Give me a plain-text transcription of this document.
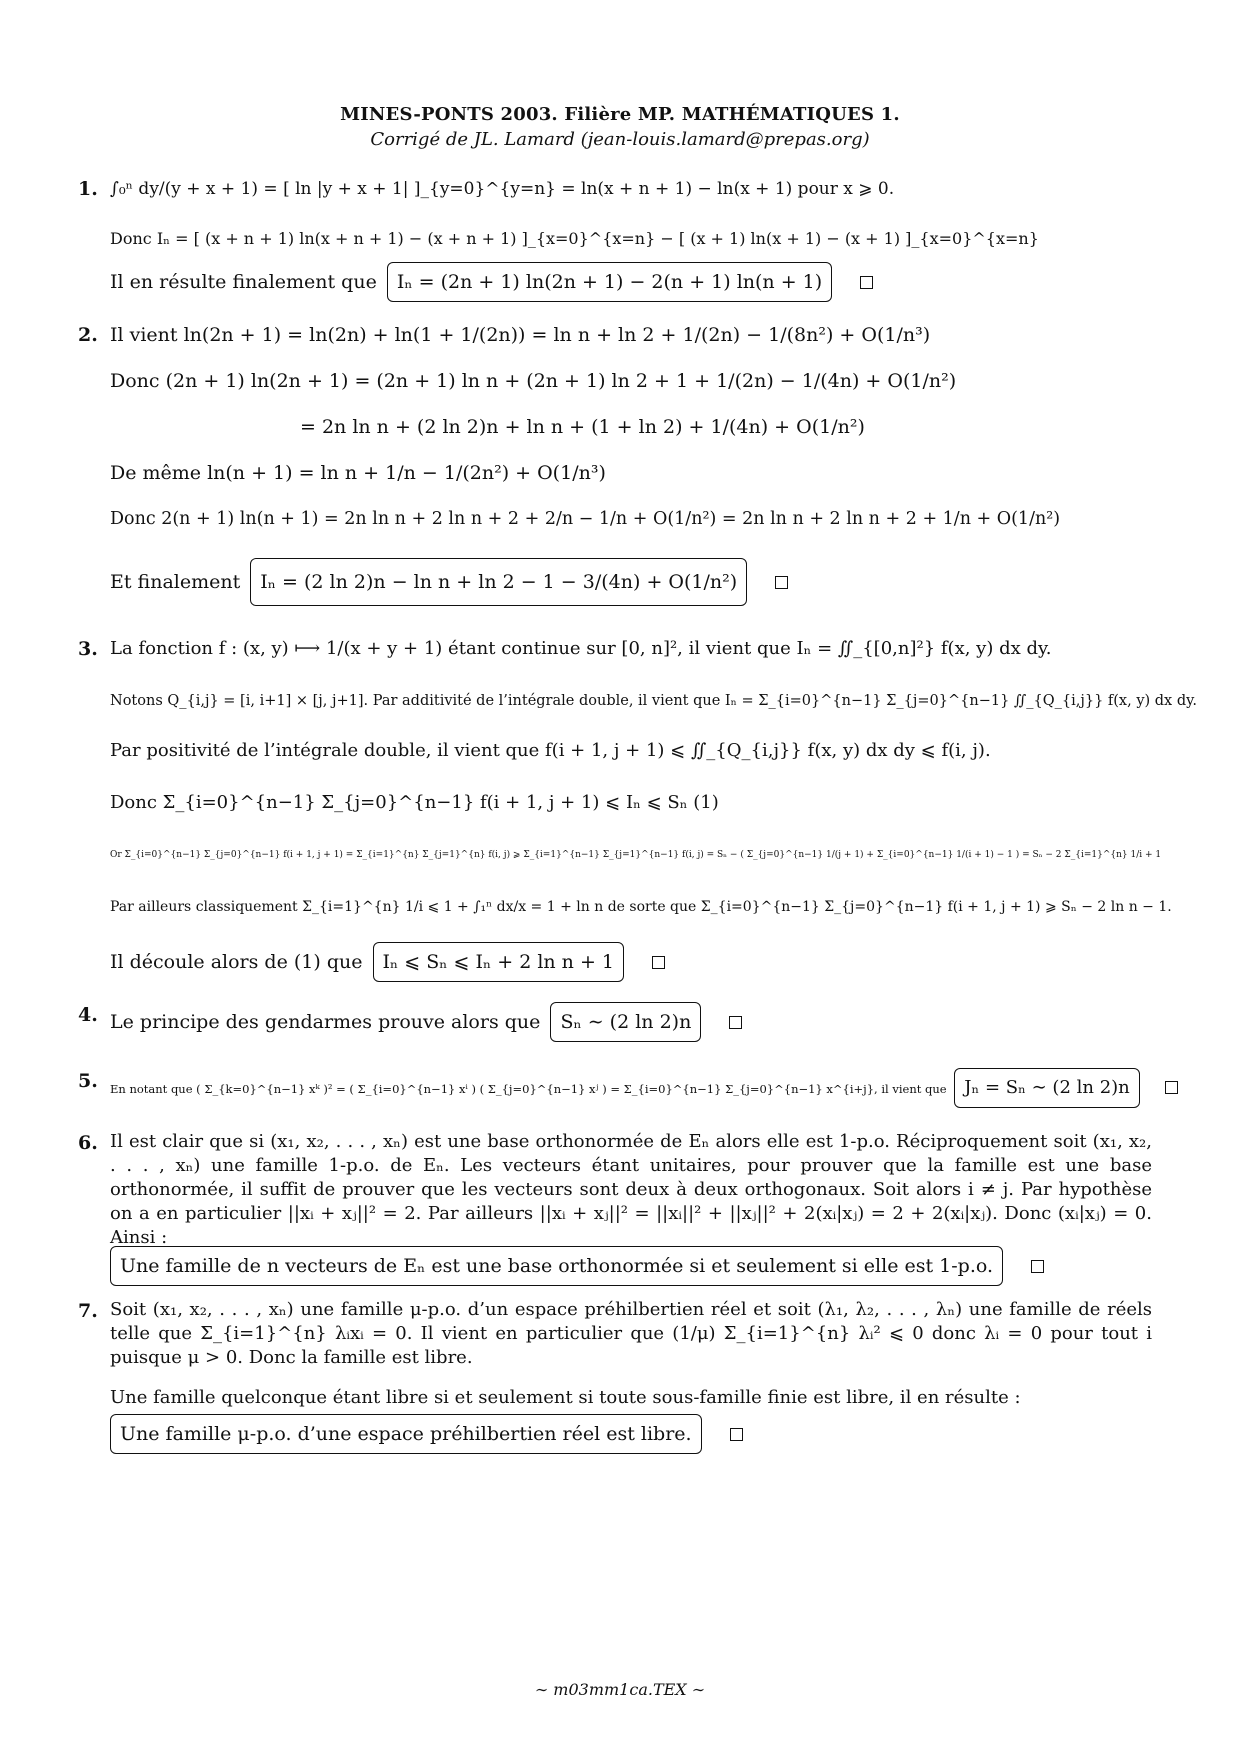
MINES-PONTS 2003. Filière MP. MATHÉMATIQUES 1.
Corrigé de JL. Lamard (jean-louis.lamard@prepas.org)
1. ∫₀ⁿ dy/(y + x + 1) = [ ln |y + x + 1| ]_{y=0}^{y=n} = ln(x + n + 1) − ln(x + 1) pour x ⩾ 0.
Donc Iₙ = [ (x + n + 1) ln(x + n + 1) − (x + n + 1) ]_{x=0}^{x=n} − [ (x + 1) ln(x + 1) − (x + 1) ]_{x=0}^{x=n}
Il en résulte finalement que Iₙ = (2n + 1) ln(2n + 1) − 2(n + 1) ln(n + 1)
2. Il vient ln(2n + 1) = ln(2n) + ln(1 + 1/(2n)) = ln n + ln 2 + 1/(2n) − 1/(8n²) + O(1/n³)
Donc (2n + 1) ln(2n + 1) = (2n + 1) ln n + (2n + 1) ln 2 + 1 + 1/(2n) − 1/(4n) + O(1/n²)
= 2n ln n + (2 ln 2)n + ln n + (1 + ln 2) + 1/(4n) + O(1/n²)
De même ln(n + 1) = ln n + 1/n − 1/(2n²) + O(1/n³)
Donc 2(n + 1) ln(n + 1) = 2n ln n + 2 ln n + 2 + 2/n − 1/n + O(1/n²) = 2n ln n + 2 ln n + 2 + 1/n + O(1/n²)
Et finalement Iₙ = (2 ln 2)n − ln n + ln 2 − 1 − 3/(4n) + O(1/n²)
3. La fonction f : (x, y) ⟼ 1/(x + y + 1) étant continue sur [0, n]², il vient que Iₙ = ∬_{[0,n]²} f(x, y) dx dy.
Notons Q_{i,j} = [i, i+1] × [j, j+1]. Par additivité de l’intégrale double, il vient que Iₙ = Σ_{i=0}^{n−1} Σ_{j=0}^{n−1} ∬_{Q_{i,j}} f(x, y) dx dy.
Par positivité de l’intégrale double, il vient que f(i + 1, j + 1) ⩽ ∬_{Q_{i,j}} f(x, y) dx dy ⩽ f(i, j).
Donc Σ_{i=0}^{n−1} Σ_{j=0}^{n−1} f(i + 1, j + 1) ⩽ Iₙ ⩽ Sₙ (1)
Or Σ_{i=0}^{n−1} Σ_{j=0}^{n−1} f(i + 1, j + 1) = Σ_{i=1}^{n} Σ_{j=1}^{n} f(i, j) ⩾ Σ_{i=1}^{n−1} Σ_{j=1}^{n−1} f(i, j) = Sₙ − ( Σ_{j=0}^{n−1} 1/(j + 1) + Σ_{i=0}^{n−1} 1/(i + 1) − 1 ) = Sₙ − 2 Σ_{i=1}^{n} 1/i + 1
Par ailleurs classiquement Σ_{i=1}^{n} 1/i ⩽ 1 + ∫₁ⁿ dx/x = 1 + ln n de sorte que Σ_{i=0}^{n−1} Σ_{j=0}^{n−1} f(i + 1, j + 1) ⩾ Sₙ − 2 ln n − 1.
Il découle alors de (1) que Iₙ ⩽ Sₙ ⩽ Iₙ + 2 ln n + 1
4. Le principe des gendarmes prouve alors que Sₙ ∼ (2 ln 2)n
5. En notant que ( Σ_{k=0}^{n−1} xᵏ )² = ( Σ_{i=0}^{n−1} xⁱ ) ( Σ_{j=0}^{n−1} xʲ ) = Σ_{i=0}^{n−1} Σ_{j=0}^{n−1} x^{i+j}, il vient que Jₙ = Sₙ ∼ (2 ln 2)n
6. Il est clair que si (x₁, x₂, . . . , xₙ) est une base orthonormée de Eₙ alors elle est 1-p.o. Réciproquement soit (x₁, x₂, . . . , xₙ) une famille 1-p.o. de Eₙ. Les vecteurs étant unitaires, pour prouver que la famille est une base orthonormée, il suffit de prouver que les vecteurs sont deux à deux orthogonaux. Soit alors i ≠ j. Par hypothèse on a en particulier ||xᵢ + xⱼ||² = 2. Par ailleurs ||xᵢ + xⱼ||² = ||xᵢ||² + ||xⱼ||² + 2(xᵢ|xⱼ) = 2 + 2(xᵢ|xⱼ). Donc (xᵢ|xⱼ) = 0. Ainsi :
Une famille de n vecteurs de Eₙ est une base orthonormée si et seulement si elle est 1-p.o.
7. Soit (x₁, x₂, . . . , xₙ) une famille μ-p.o. d’un espace préhilbertien réel et soit (λ₁, λ₂, . . . , λₙ) une famille de réels telle que Σ_{i=1}^{n} λᵢxᵢ = 0. Il vient en particulier que (1/μ) Σ_{i=1}^{n} λᵢ² ⩽ 0 donc λᵢ = 0 pour tout i puisque μ > 0. Donc la famille est libre.
Une famille quelconque étant libre si et seulement si toute sous-famille finie est libre, il en résulte :
Une famille μ-p.o. d’une espace préhilbertien réel est libre.
∼ m03mm1ca.TEX ∼
